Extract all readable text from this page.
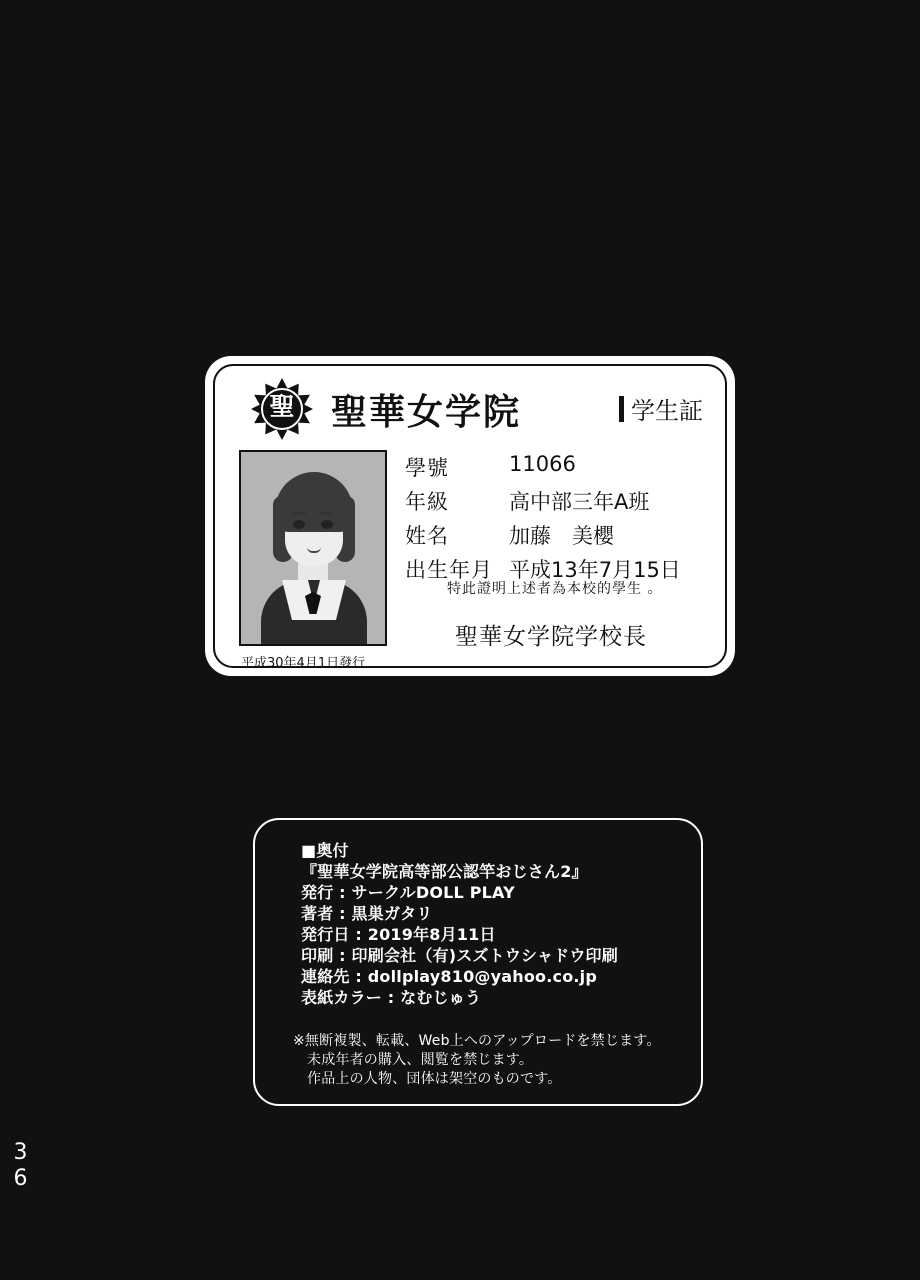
聖	聖華女学院	学生証
平成30年4月1日發行
學號	11066
年級	高中部三年A班
姓名	加藤　美櫻
出生年月 平成13年7月15日
特此證明上述者為本校的學生 。
聖華女学院学校長
■奥付
『聖華女学院高等部公認竿おじさん2』
発行 : サークルDOLL PLAY
著者 : 黒巣ガタリ
発行日 : 2019年8月11日
印刷 : 印刷会社（有)スズトウシャドウ印刷
連絡先 : dollplay810@yahoo.co.jp
表紙カラー : なむじゅう
※無断複製、転載、Web上へのアップロードを禁じます。
未成年者の購入、閲覧を禁じます。
作品上の人物、団体は架空のものです。
36
